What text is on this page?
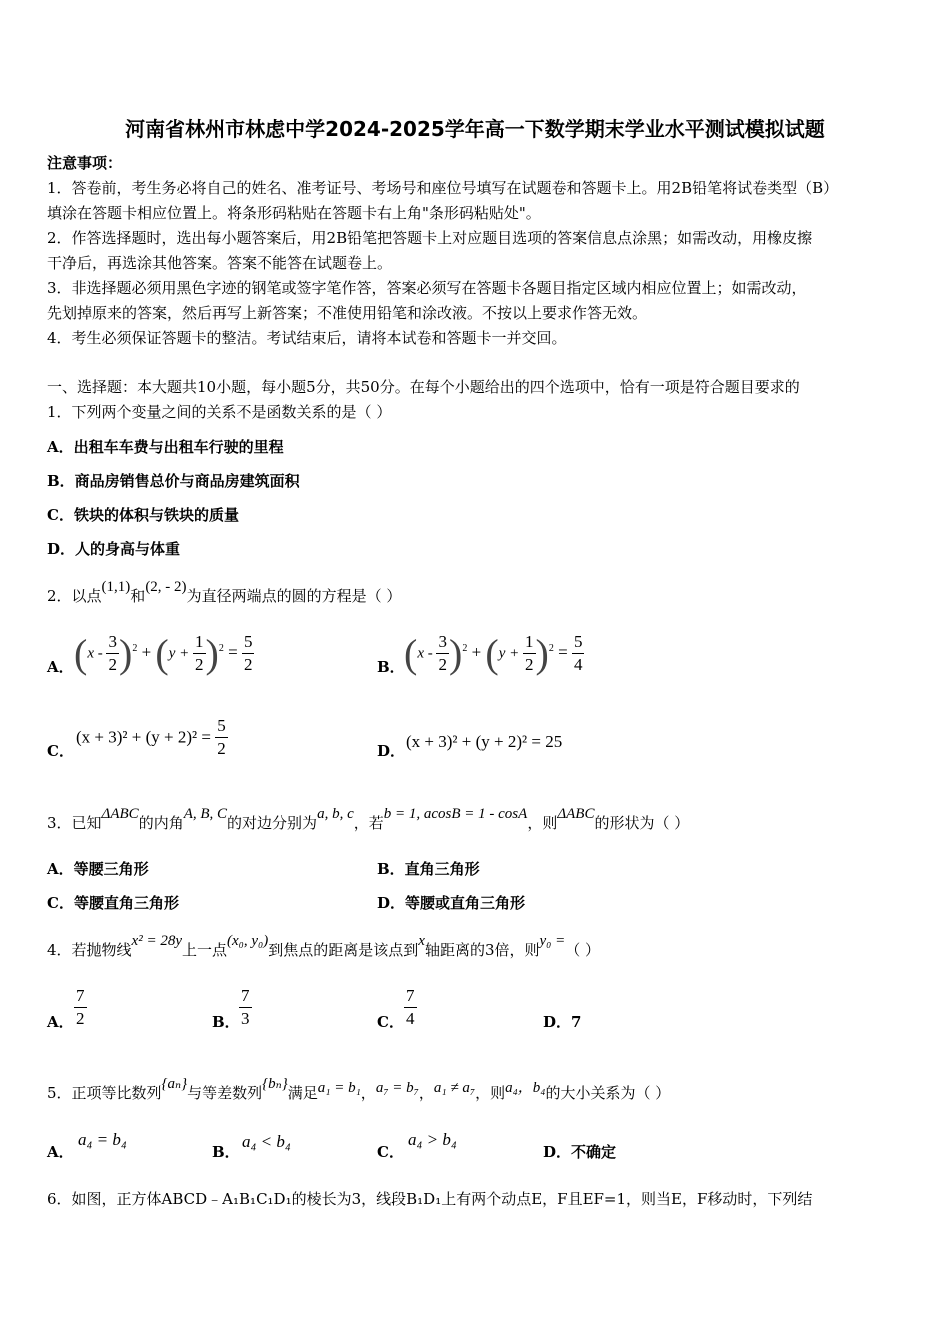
河南省林州市林虑中学2024-2025学年高一下数学期末学业水平测试模拟试题
注意事项：
1．答卷前，考生务必将自己的姓名、准考证号、考场号和座位号填写在试题卷和答题卡上。用2B铅笔将试卷类型（B）
填涂在答题卡相应位置上。将条形码粘贴在答题卡右上角"条形码粘贴处"。
2．作答选择题时，选出每小题答案后，用2B铅笔把答题卡上对应题目选项的答案信息点涂黑；如需改动，用橡皮擦
干净后，再选涂其他答案。答案不能答在试题卷上。
3．非选择题必须用黑色字迹的钢笔或签字笔作答，答案必须写在答题卡各题目指定区域内相应位置上；如需改动，
先划掉原来的答案，然后再写上新答案；不准使用铅笔和涂改液。不按以上要求作答无效。
4．考生必须保证答题卡的整洁。考试结束后，请将本试卷和答题卡一并交回。
一、选择题：本大题共10小题，每小题5分，共50分。在每个小题给出的四个选项中，恰有一项是符合题目要求的
1．下列两个变量之间的关系不是函数关系的是（ ）
A．出租车车费与出租车行驶的里程
B．商品房销售总价与商品房建筑面积
C．铁块的体积与铁块的质量
D．人的身高与体重
2．以点(1,1)和(2, - 2)为直径两端点的圆的方程是（ ）
A． $(x - \frac{3}{2} )^2 + (y + \frac{1}{2} )^2 = \frac{5}{2}$	B． $(x - \frac{3}{2} )^2 + (y + \frac{1}{2} )^2 = \frac{5}{4}$
C．
$(x + 3)^2 + (y + 2)^2 = \frac{5}{2}$	D． (x + 3)² + (y + 2)² = 25
3．已知ΔABC的内角A, B, C的对边分别为a, b, c，若b = 1, acosB = 1 - cosA，则ΔABC的形状为（ ）
A．等腰三角形	B．直角三角形
C．等腰直角三角形	D．等腰或直角三角形
4．若抛物线x² = 28y上一点(x₀, y₀)到焦点的距离是该点到x轴距离的3倍，则y₀ =（ ）
A． $\frac{7}{2}$	B． $\frac{7}{3}$	C． $\frac{7}{4}$	D．7
5．正项等比数列{aₙ}与等差数列{bₙ}满足a₁ = b₁，a₇ = b₇，a₁ ≠ a₇，则a₄，b₄的大小关系为（ ）
A．
a₄ = b₄
B．
a₄ < b₄
C．
a₄ > b₄
D．不确定
6．如图，正方体ABCD﹣A₁B₁C₁D₁的棱长为3，线段B₁D₁上有两个动点E，F且EF=1，则当E，F移动时，下列结
